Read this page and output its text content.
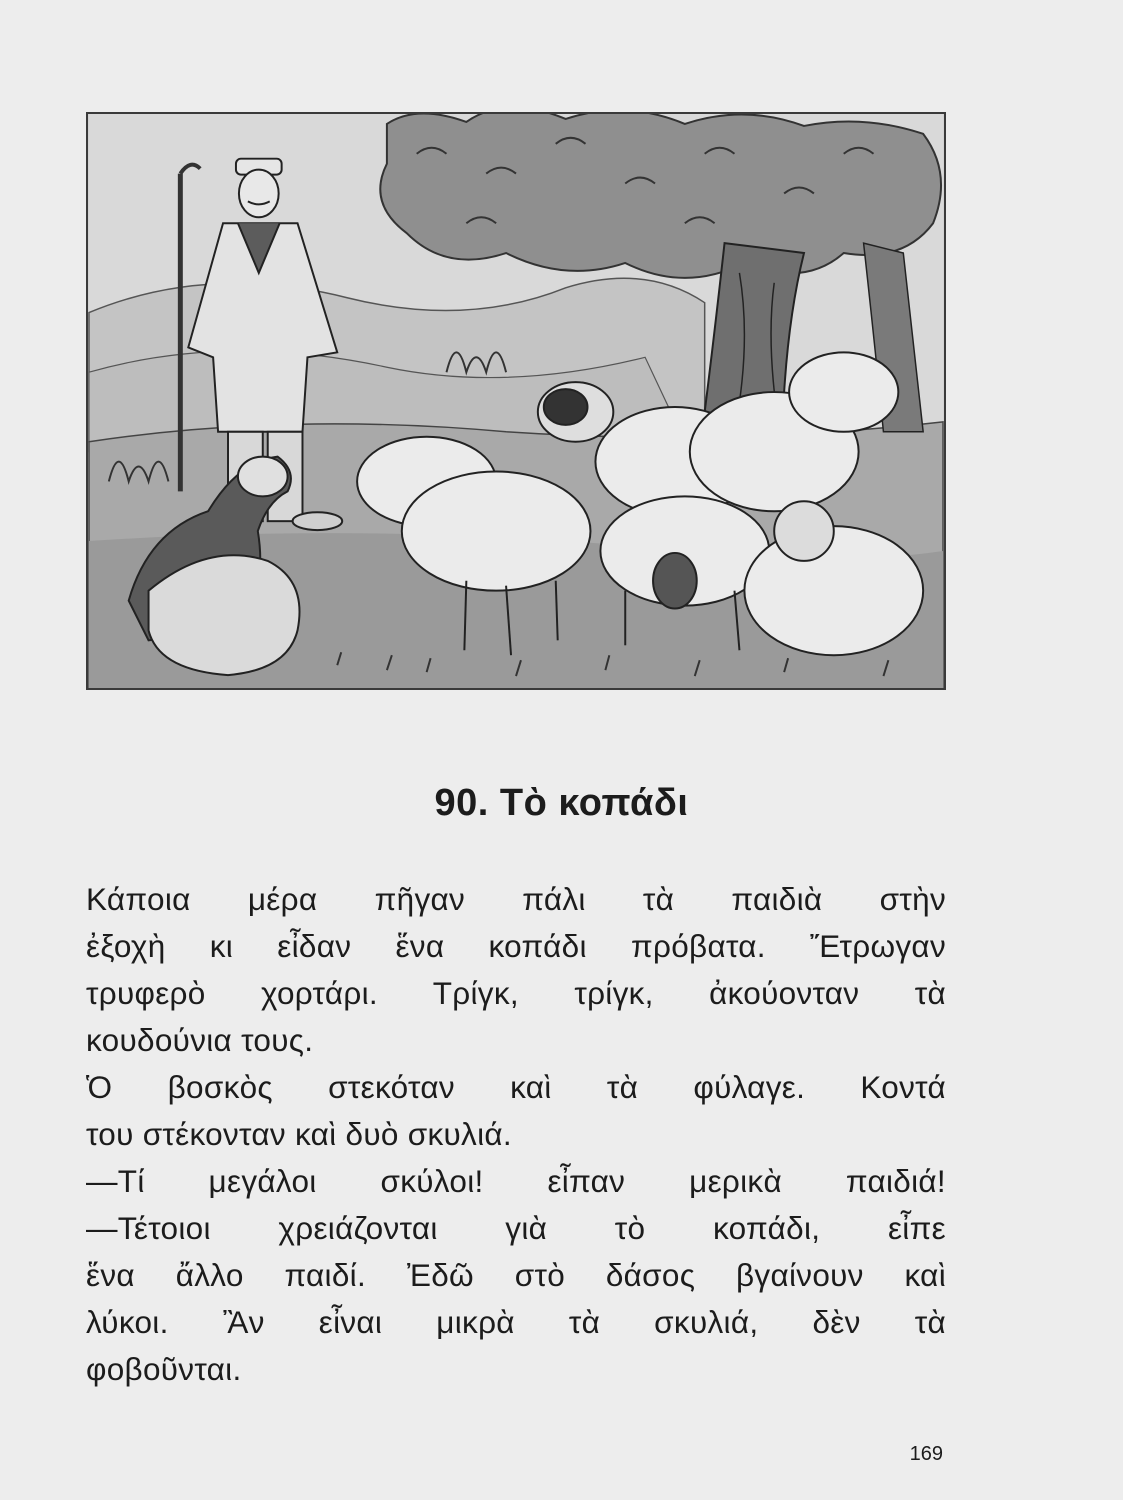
90. Τὸ κοπάδι

Κάποια μέρα πῆγαν πάλι τὰ παιδιὰ στὴν

ἐξοχὴ κι εἶδαν ἕνα κοπάδι πρόβατα. Ἔτρωγαν

τρυφερὸ χορτάρι. Τρίγκ, τρίγκ, ἀκούονταν τὰ

κουδούνια τους.

Ὁ βοσκὸς στεκόταν καὶ τὰ φύλαγε. Κοντά

του στέκονταν καὶ δυὸ σκυλιά.

—Τί μεγάλοι σκύλοι! εἶπαν μερικὰ παιδιά!

—Τέτοιοι χρειάζονται γιὰ τὸ κοπάδι, εἶπε

ἕνα ἄλλο παιδί. Ἐδῶ στὸ δάσος βγαίνουν καὶ

λύκοι. Ἂν εἶναι μικρὰ τὰ σκυλιά, δὲν τὰ

φοβοῦνται.

169
